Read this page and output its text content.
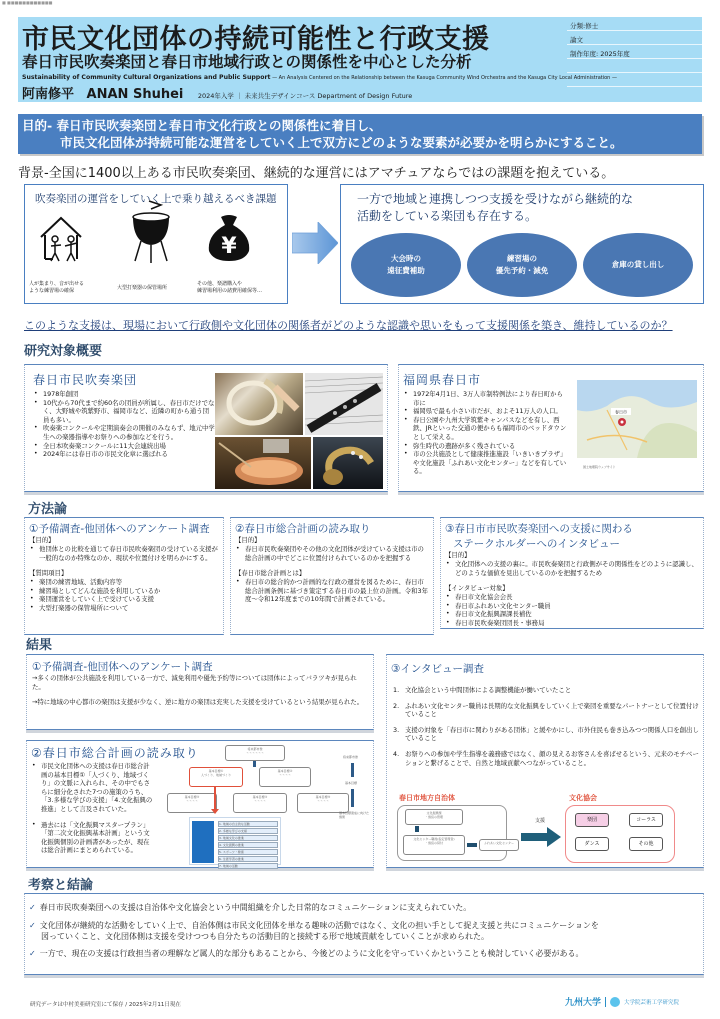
■ ■■■■■■■■■■■■
市民文化団体の持続可能性と行政支援
春日市民吹奏楽団と春日市地域行政との関係性を中心とした分析
Sustainability of Community Cultural Organizations and Public Support — An Analysis Centered on the Relationship between the Kasuga Community Wind Orchestra and the Kasuga City Local Administration —
阿南修平 ANAN Shuhei 2024年入学 ｜ 未来共生デザインコース Department of Design Future
分類:修士
論文
制作年度: 2025年度
目的- 春日市民吹奏楽団と春日市文化行政との関係性に着目し、
市民文化団体が持続可能な運営をしていく上で双方にどのような要素が必要かを明らかにすること。
背景-全国に1400以上ある市民吹奏楽団、継続的な運営にはアマチュアならではの課題を抱えている。
吹奏楽団の運営をしていく上で乗り越えるべき課題
¥
人が集まり、音が出せる
ような練習場の確保	大型打楽器の保管場所
その他、楽譜購入や
練習場利用の諸費用確保等…
一方で地域と連携しつつ支援を受けながら継続的な
活動をしている楽団も存在する。
大会時の
遠征費補助
練習場の
優先予約・減免
倉庫の貸し出し
このような支援は、現場において行政側や文化団体の関係者がどのような認識や思いをもって支援関係を築き、維持しているのか？
研究対象概要
春日市民吹奏楽団
• 1978年創団
• 10代から70代まで約60名の団員が所属し、春日市だけでなく、大野城や筑紫野市、福岡市など、近隣の町から通う団員も多い。
• 吹奏楽コンクールや定期演奏会の開催のみならず、地元中学生への楽器指導やお祭りへの参加などを行う。
• 全日本吹奏楽コンクールに11大会連続出場
• 2024年には春日市の市民文化章に選ばれる
福岡県春日市
• 1972年4月1日、3万人市制特例法により春日町から市に
• 福岡県で最も小さい市だが、およそ11万人の人口。
• 春日公園や九州大学筑紫キャンパスなどを有し、西鉄、JRといった交通の便からも福岡市のベッドタウンとして栄える。
• 弥生時代の遺跡が多く残されている
• 市の公共施設として健康推進施設「いきいきプラザ」や文化施設「ふれあい文化センター」などを有している。
春日市
国土地理院ウェブサイト
方法論
①予備調査-他団体へのアンケート調査
【目的】
• 他団体との比較を通じて春日市民吹奏楽団の受けている支援が一般的なのか特殊なのか、現状や位置付けを明らかにする。
【質問項目】
• 楽団の練習地域、活動内容等
• 練習場としてどんな施設を利用しているか
• 楽団運営をしていく上で受けている支援
• 大型打楽器の保管場所について
②春日市総合計画の読み取り
【目的】
• 春日市民吹奏楽団やその他の文化団体が受けている支援は市の総合計画の中でどこに位置付けられているのかを把握する
【春日市総合計画とは】
• 春日市の総合的かつ計画的な行政の運営を図るために、春日市総合計画条例に基づき策定する春日市の最上位の計画。令和3年度～令和12年度までの10年間で計画されている。
③春日市市民吹奏楽団への支援に関わる
ステークホルダーへのインタビュー
【目的】
• 文化団体への支援の裏に。市民吹奏楽団と行政側がその関係性をどのように認識し、どのような価値を見出しているのかを把握するため
【インタビュー対象】
• 春日市文化協会会長
• 春日市ふれあい文化センター職員
• 春日市文化振興課課長補佐
• 春日市民吹奏楽団団長・事務局
結果
①予備調査-他団体へのアンケート調査
→多くの団体が公共施設を利用している一方で、減免利用や優先予約等については団体によってバラツキが見られた。
→特に地域の中心都市の楽団は支援が少なく、逆に地方の楽団は充実した支援を受けているという結果が見られた。
②春日市総合計画の読み取り
• 市民文化団体への支援は春日市総合計画の基本目標①「人づくり、地域づくり」の文脈に入れられ、その中でもさらに細分化された7つの施策のうち、「3.多様な学びの支援」「4.文化振興の推進」として言及されていた。
• 過去には「文化振興マスタープラン」「第二次文化振興基本計画」という文化振興個別の計画書があったが、現在は総合計画にまとめられている。
将来都市像
〜〜〜〜〜〜
基本目標①
人づくり、地域づくり
基本目標②
〜〜〜〜
基本目標③
〜〜〜〜
基本目標④
〜〜〜〜
基本目標⑤
〜〜〜〜
1. 地域の自主的な活動
2. 多様な学びの支援
3. 地域文化の推進
4. 文化振興の推進
5. スポーツ・健康
6. 生涯学習の推進
7. 地域の活動
将来都市像
基本目標
基本目標達成に向けた施策
③インタビュー調査
1. 文化協会という中間団体による調整機能が働いていたこと
2. ふれあい文化センター職員は長期的な文化振興をしていく上で楽団を重要なパートナーとして位置付けていること
3. 支援の対象を「春日市に関わりがある団体」と緩やかにし、市外住民も巻き込みつつ関係人口を創出していること
4. お祭りへの参加や学生指導を義務感ではなく、顔の見えるお客さんを喜ばせるという、元来のモチベーションと繋げることで、自然と地域貢献へつながっていること。
春日市地方自治体
文化振興課
・施設の管理
文化センター職員(指定管理者)
・施設の貸付	ふれあい文化センター
支援
文化協会
楽団	コーラス
ダンス	その他
考察と結論
✓ 春日市民吹奏楽団への支援は自治体や文化協会という中間組織を介した日常的なコミュニケーションに支えられていた。
✓ 文化団体が継続的な活動をしていく上で、自治体側は市民文化団体を単なる趣味の活動ではなく、文化の担い手として捉え支援と共にコミュニケーションを
図っていくこと、文化団体側は支援を受けつつも自分たちの活動目的と接続する形で地域貢献をしていくことが求められた。
✓ 一方で、現在の支援は行政担当者の理解など属人的な部分もあることから、今後どのように文化を守っていくかということも検討していく必要がある。
研究データは中村美亜研究室にて保存 / 2025年2月11日現在	九州大学	大学院芸術工学研究院
